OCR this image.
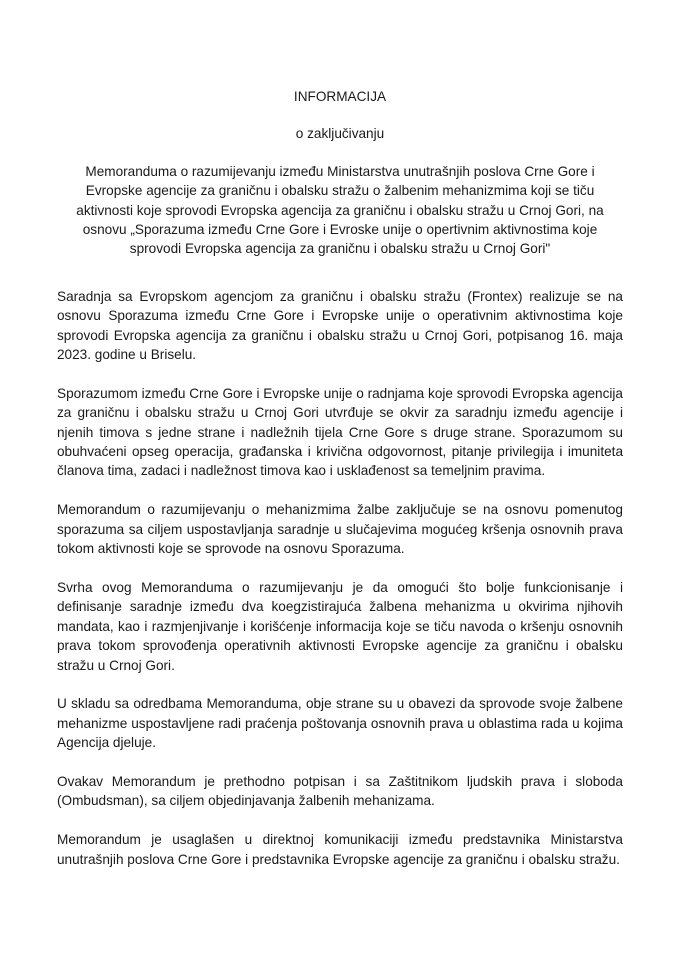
INFORMACIJA
o zaključivanju
Memoranduma o razumijevanju između Ministarstva unutrašnjih poslova Crne Gore i Evropske agencije za graničnu i obalsku stražu o žalbenim mehanizmima koji se tiču aktivnosti koje sprovodi Evropska agencija za graničnu i obalsku stražu u Crnoj Gori, na osnovu „Sporazuma između Crne Gore i Evroske unije o opertivnim aktivnostima koje sprovodi Evropska agencija za graničnu i obalsku stražu u Crnoj Gori"

Saradnja sa Evropskom agencjom za graničnu i obalsku stražu (Frontex) realizuje se na osnovu Sporazuma između Crne Gore i Evropske unije o operativnim aktivnostima koje sprovodi Evropska agencija za graničnu i obalsku stražu u Crnoj Gori, potpisanog 16. maja 2023. godine u Briselu.

Sporazumom između Crne Gore i Evropske unije o radnjama koje sprovodi Evropska agencija za graničnu i obalsku stražu u Crnoj Gori utvrđuje se okvir za saradnju između agencije i njenih timova s jedne strane i nadležnih tijela Crne Gore s druge strane. Sporazumom su obuhvaćeni opseg operacija, građanska i krivična odgovornost, pitanje privilegija i imuniteta članova tima, zadaci i nadležnost timova kao i usklađenost sa temeljnim pravima.

Memorandum o razumijevanju o mehanizmima žalbe zaključuje se na osnovu pomenutog sporazuma sa ciljem uspostavljanja saradnje u slučajevima mogućeg kršenja osnovnih prava tokom aktivnosti koje se sprovode na osnovu Sporazuma.

Svrha ovog Memoranduma o razumijevanju je da omogući što bolje funkcionisanje i definisanje saradnje između dva koegzistirajuća žalbena mehanizma u okvirima njihovih mandata, kao i razmjenjivanje i korišćenje informacija koje se tiču navoda o kršenju osnovnih prava tokom sprovođenja operativnih aktivnosti Evropske agencije za graničnu i obalsku stražu u Crnoj Gori.

U skladu sa odredbama Memoranduma, obje strane su u obavezi da sprovode svoje žalbene mehanizme uspostavljene radi praćenja poštovanja osnovnih prava u oblastima rada u kojima Agencija djeluje.

Ovakav Memorandum je prethodno potpisan i sa Zaštitnikom ljudskih prava i sloboda (Ombudsman), sa ciljem objedinjavanja žalbenih mehanizama.

Memorandum je usaglašen u direktnoj komunikaciji između predstavnika Ministarstva unutrašnjih poslova Crne Gore i predstavnika Evropske agencije za graničnu i obalsku stražu.
